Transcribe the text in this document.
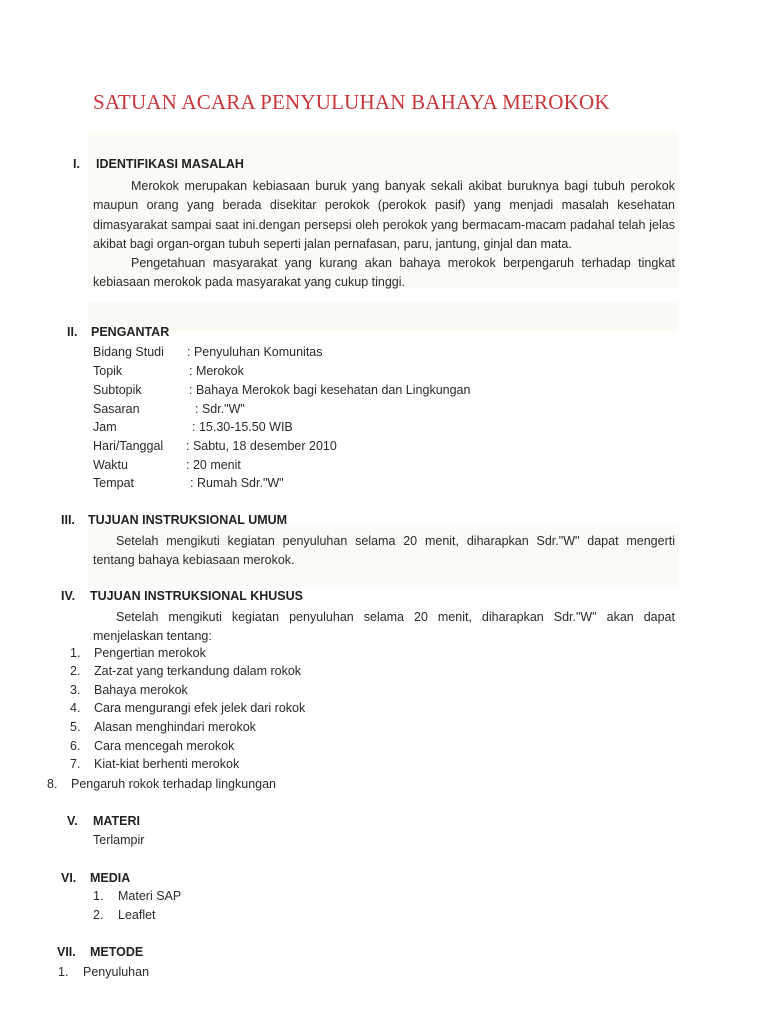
SATUAN ACARA PENYULUHAN BAHAYA MEROKOK
I. IDENTIFIKASI MASALAH

Merokok merupakan kebiasaan buruk yang banyak sekali akibat buruknya bagi tubuh perokok maupun orang yang berada disekitar perokok (perokok pasif) yang menjadi masalah kesehatan dimasyarakat sampai saat ini.dengan persepsi oleh perokok yang bermacam-macam padahal telah jelas akibat bagi organ-organ tubuh seperti jalan pernafasan, paru, jantung, ginjal dan mata.

Pengetahuan masyarakat yang kurang akan bahaya merokok berpengaruh terhadap tingkat kebiasaan merokok pada masyarakat yang cukup tinggi.

II. PENGANTAR
Bidang Studi : Penyuluhan Komunitas
Topik	: Merokok
Subtopik	: Bahaya Merokok bagi kesehatan dan Lingkungan
Sasaran	: Sdr."W"
Jam	: 15.30-15.50 WIB
Hari/Tanggal : Sabtu, 18 desember 2010
Waktu	: 20 menit
Tempat	: Rumah Sdr."W"
III. TUJUAN INSTRUKSIONAL UMUM

Setelah mengikuti kegiatan penyuluhan selama 20 menit, diharapkan Sdr."W" dapat mengerti tentang bahaya kebiasaan merokok.

IV. TUJUAN INSTRUKSIONAL KHUSUS

Setelah mengikuti kegiatan penyuluhan selama 20 menit, diharapkan Sdr."W" akan dapat menjelaskan tentang:

1. Pengertian merokok
2. Zat-zat yang terkandung dalam rokok
3. Bahaya merokok
4. Cara mengurangi efek jelek dari rokok
5. Alasan menghindari merokok
6. Cara mencegah merokok
7. Kiat-kiat berhenti merokok
8. Pengaruh rokok terhadap lingkungan
V. MATERI
Terlampir
VI. MEDIA
1. Materi SAP
2. Leaflet
VII. METODE
1. Penyuluhan
